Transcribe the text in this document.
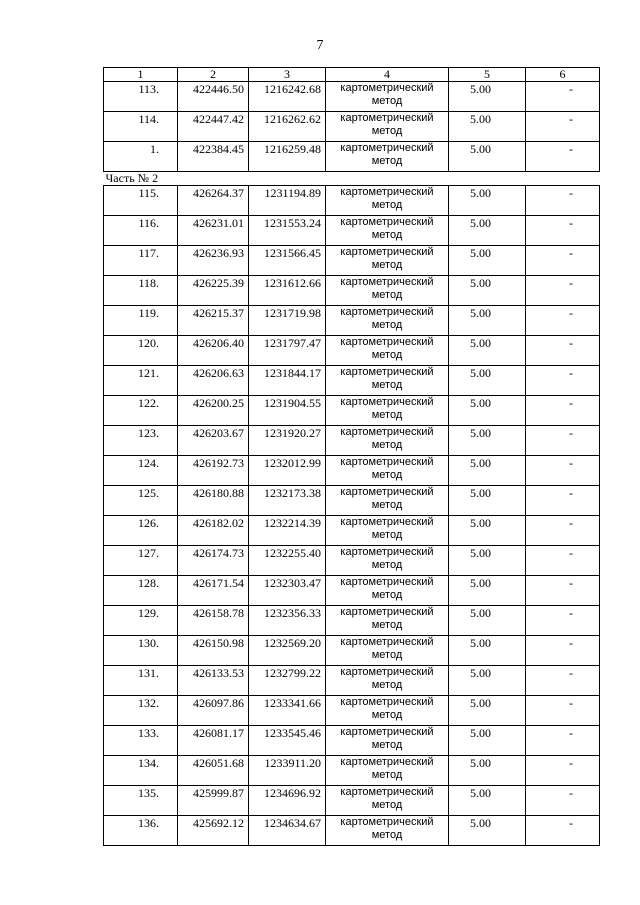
7
1	2	3	4	5	6
113.	422446.50	1216242.68	картометрический метод	5.00	-
114.	422447.42	1216262.62	картометрический метод	5.00	-
1.	422384.45	1216259.48	картометрический метод	5.00	-
Часть № 2					
115.	426264.37	1231194.89	картометрический метод	5.00	-
116.	426231.01	1231553.24	картометрический метод	5.00	-
117.	426236.93	1231566.45	картометрический метод	5.00	-
118.	426225.39	1231612.66	картометрический метод	5.00	-
119.	426215.37	1231719.98	картометрический метод	5.00	-
120.	426206.40	1231797.47	картометрический метод	5.00	-
121.	426206.63	1231844.17	картометрический метод	5.00	-
122.	426200.25	1231904.55	картометрический метод	5.00	-
123.	426203.67	1231920.27	картометрический метод	5.00	-
124.	426192.73	1232012.99	картометрический метод	5.00	-
125.	426180.88	1232173.38	картометрический метод	5.00	-
126.	426182.02	1232214.39	картометрический метод	5.00	-
127.	426174.73	1232255.40	картометрический метод	5.00	-
128.	426171.54	1232303.47	картометрический метод	5.00	-
129.	426158.78	1232356.33	картометрический метод	5.00	-
130.	426150.98	1232569.20	картометрический метод	5.00	-
131.	426133.53	1232799.22	картометрический метод	5.00	-
132.	426097.86	1233341.66	картометрический метод	5.00	-
133.	426081.17	1233545.46	картометрический метод	5.00	-
134.	426051.68	1233911.20	картометрический метод	5.00	-
135.	425999.87	1234696.92	картометрический метод	5.00	-
136.	425692.12	1234634.67	картометрический метод	5.00	-
